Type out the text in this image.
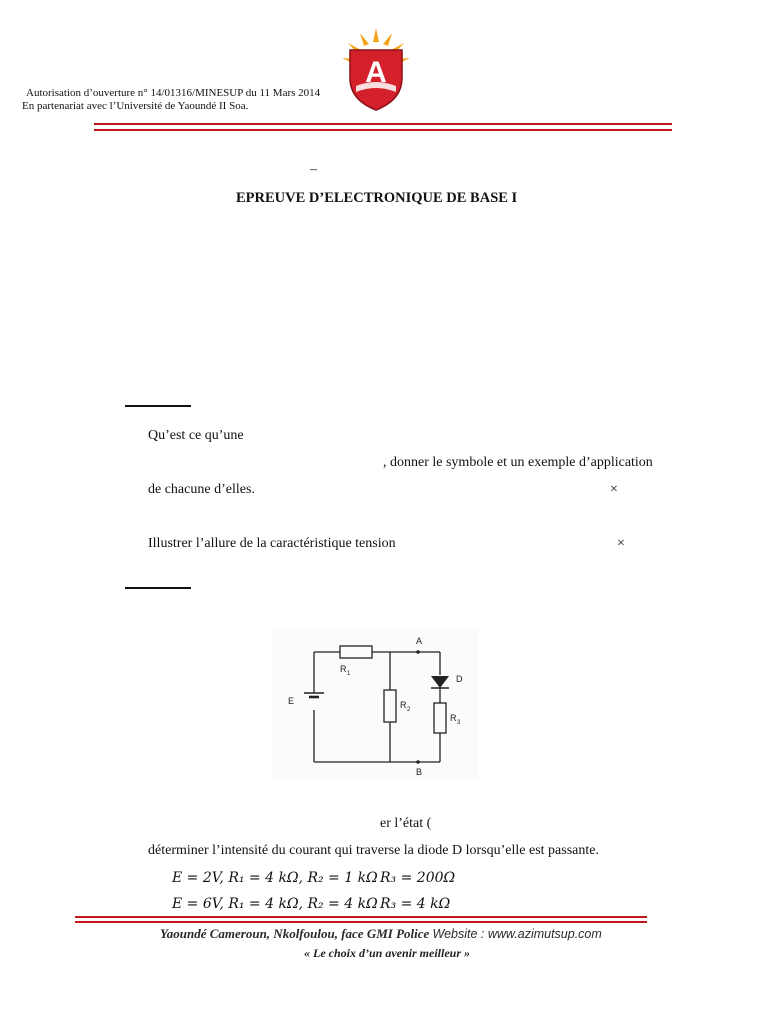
A
Autorisation d’ouverture n° 14/01316/MINESUP du 11 Mars 2014
En partenariat avec l’Université de Yaoundé II Soa.
–
EPREUVE D’ELECTRONIQUE DE BASE I
Qu’est ce qu’une
, donner le symbole et un exemple d’application
de chacune d’elles.	×
Illustrer l’allure de la caractéristique tension	×
A
B
D
E
R 1
R 2
R 3
er l’état (
déterminer l’intensité du courant qui traverse la diode D lorsqu’elle est passante.
E = 2V, R₁ = 4 kΩ, R₂ = 1 kΩ R₃ = 200Ω
E = 6V, R₁ = 4 kΩ, R₂ = 4 kΩ R₃ = 4 kΩ
Yaoundé Cameroun, Nkolfoulou, face GMI Police Website : www.azimutsup.com
« Le choix d’un avenir meilleur »
